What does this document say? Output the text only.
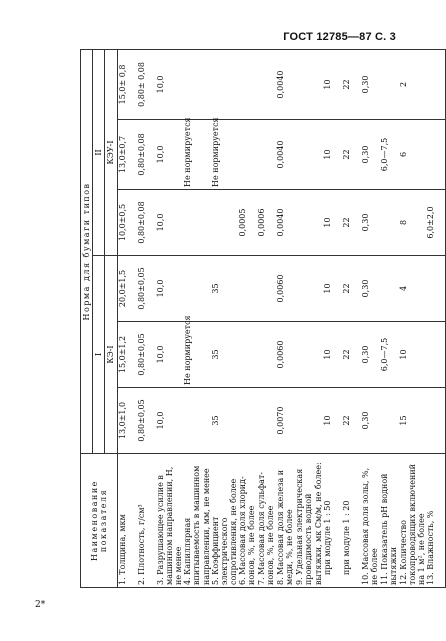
ГОСТ 12785—87 С. 3
Наименование показателя	Норма для бумаги типов					
	I			II		
	КЭ-I			КЭУ-I		
1. Толщина, мкм	13,0±1,0	15,0±1,2	20,0±1,5	10,0±0,5	13,0±0,7	15,0± 0,8
2. Плотность, г/см³	0,80±0,05	0,80±0,05	0,80±0,05	0,80±0,08	0,80±0,08	0,80± 0,08
3. Разрушающее усилие в машинном направлении, Н, не менее	10,0	10,0	10,0	10,0	10,0	10,0
4. Капиллярная впитываемость в машинном направлении, мм, не менее		Не нормируется			Не нормируется	
5. Коэффициент электрического сопротивления, не более	35	35	35		Не нормируется	
6. Массовая доля хлорид-ионов, %, не более				0,0005		
7. Массовая доля сульфат-ионов, %, не более				0,0006		
8. Массовая доля железа и меди, %, не более	0,0070	0,0060	0,0060	0,0040	0,0040	0,0040
9. Удельная электрическая проводимость водной вытяжки, мк См/м, не более:						
при модуле 1 : 50	10	10	10	10	10	10
при модуле 1 : 20	22	22	22	22	22	22
10. Массовая доля золы, %, не более	0,30	0,30	0,30	0,30	0,30	0,30
11. Показатель рН водной вытяжки		6,0—7,5			6,0—7,5	
12. Количество токопроводящих включений на 1 м², не более	15	10	4	8	6	2
13. Влажность, %				6,0±2,0		
2*
